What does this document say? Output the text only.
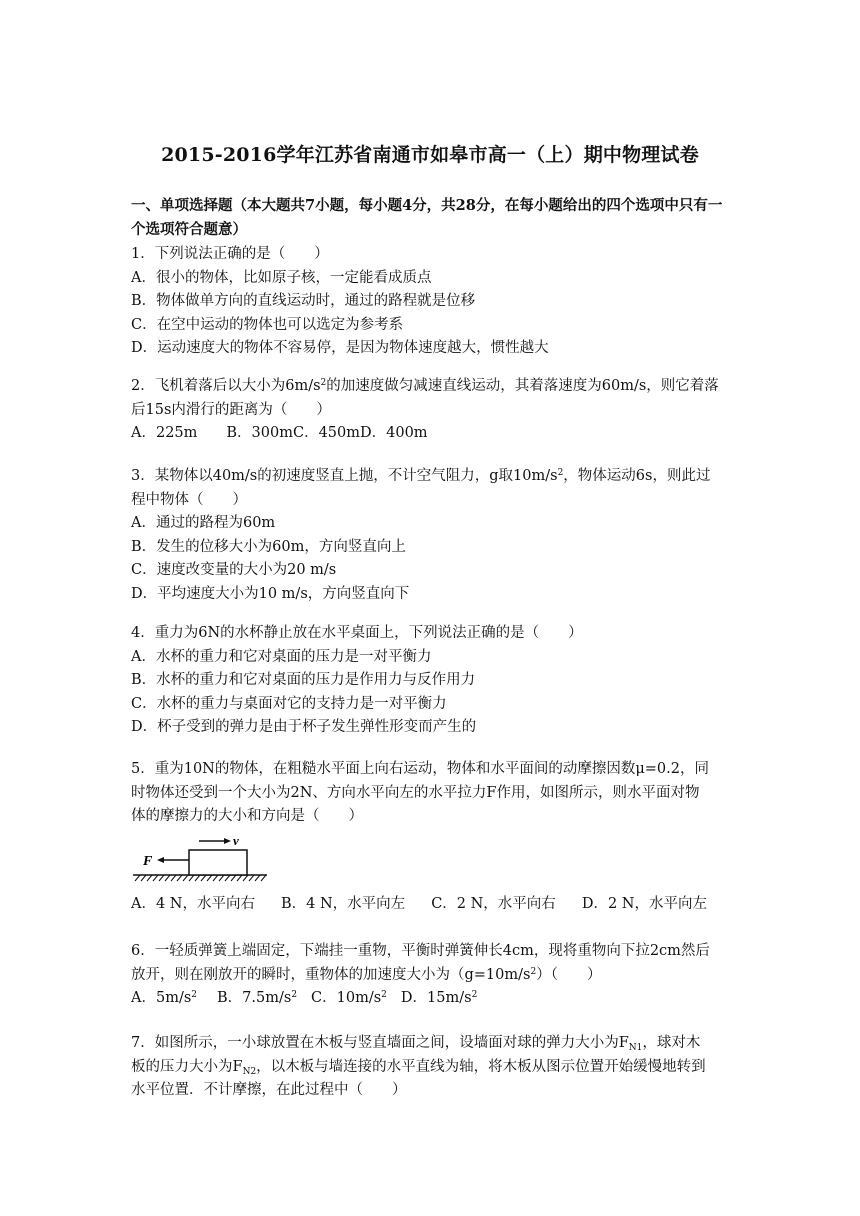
2015-2016学年江苏省南通市如皋市高一（上）期中物理试卷
一、单项选择题（本大题共7小题，每小题4分，共28分，在每小题给出的四个选项中只有一个选项符合题意）
1．下列说法正确的是（　　）
A．很小的物体，比如原子核，一定能看成质点
B．物体做单方向的直线运动时，通过的路程就是位移
C．在空中运动的物体也可以选定为参考系
D．运动速度大的物体不容易停，是因为物体速度越大，惯性越大
2．飞机着落后以大小为$6m/s^2$的加速度做匀减速直线运动，其着落速度为60m/s，则它着落
后15s内滑行的距离为（　　）
A．225m　　B．300mC．450mD．400m
3．某物体以40m/s的初速度竖直上抛，不计空气阻力，g取$10m/s^2$，物体运动6s，则此过
程中物体（　　）
A．通过的路程为60m
B．发生的位移大小为60m，方向竖直向上
C．速度改变量的大小为20 m/s
D．平均速度大小为10 m/s，方向竖直向下
4．重力为6N的水杯静止放在水平桌面上，下列说法正确的是（　　）
A．水杯的重力和它对桌面的压力是一对平衡力
B．水杯的重力和它对桌面的压力是作用力与反作用力
C．水杯的重力与桌面对它的支持力是一对平衡力
D．杯子受到的弹力是由于杯子发生弹性形变而产生的
5．重为10N的物体，在粗糙水平面上向右运动，物体和水平面间的动摩擦因数μ=0.2，同
时物体还受到一个大小为2N、方向水平向左的水平拉力F作用，如图所示，则水平面对物
体的摩擦力的大小和方向是（　　）
F
v
A．4 N，水平向右 B．4 N，水平向左 C．2 N，水平向右 D．2 N，水平向左
6．一轻质弹簧上端固定，下端挂一重物，平衡时弹簧伸长4cm，现将重物向下拉2cm然后
放开，则在刚放开的瞬时，重物体的加速度大小为$(g=10m/s^2)$（　　）
A．$5m/s^2$ B．$7.5m/s^2$ C．$10m/s^2$ D．$15m/s^2$
7．如图所示，一小球放置在木板与竖直墙面之间，设墙面对球的弹力大小为$F_{N1}$，球对木
板的压力大小为$F_{N2}$，以木板与墙连接的水平直线为轴，将木板从图示位置开始缓慢地转到
水平位置．不计摩擦，在此过程中（　　）
